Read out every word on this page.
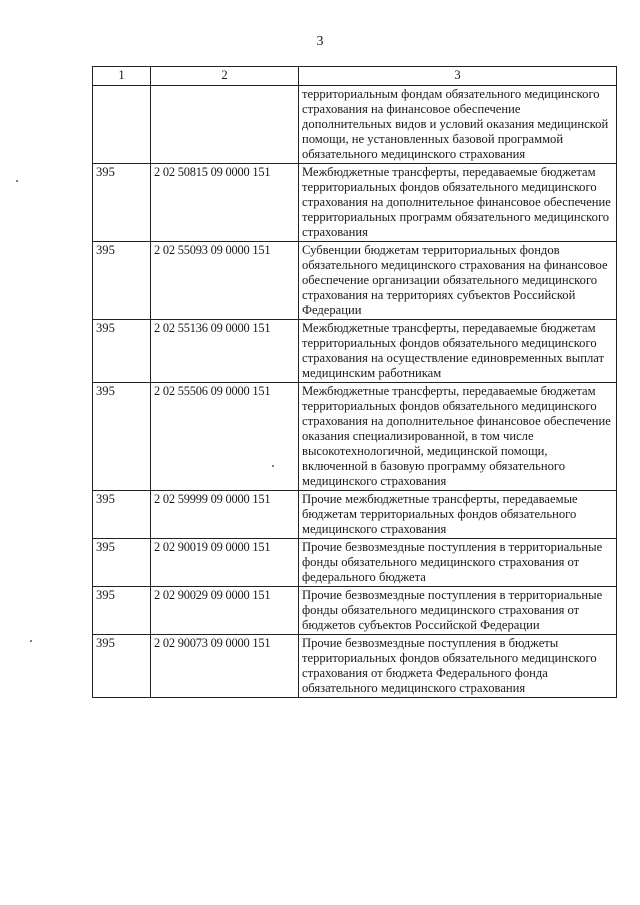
3
1	2	3
		территориальным фондам обязательного медицинского страхования на финансовое обеспечение дополнительных видов и условий оказания медицинской помощи, не установленных базовой программой обязательного медицинского страхования
395	2 02 50815 09 0000 151	Межбюджетные трансферты, передаваемые бюджетам территориальных фондов обязательного медицинского страхования на дополнительное финансовое обеспечение территориальных программ обязательного медицинского страхования
395	2 02 55093 09 0000 151	Субвенции бюджетам территориальных фондов обязательного медицинского страхования на финансовое обеспечение организации обязательного медицинского страхования на территориях субъектов Российской Федерации
395	2 02 55136 09 0000 151	Межбюджетные трансферты, передаваемые бюджетам территориальных фондов обязательного медицинского страхования на осуществление единовременных выплат медицинским работникам
395	2 02 55506 09 0000 151	Межбюджетные трансферты, передаваемые бюджетам территориальных фондов обязательного медицинского страхования на дополнительное финансовое обеспечение оказания специализированной, в том числе высокотехнологичной, медицинской помощи, включенной в базовую программу обязательного медицинского страхования
395	2 02 59999 09 0000 151	Прочие межбюджетные трансферты, передаваемые бюджетам территориальных фондов обязательного медицинского страхования
395	2 02 90019 09 0000 151	Прочие безвозмездные поступления в территориальные фонды обязательного медицинского страхования от федерального бюджета
395	2 02 90029 09 0000 151	Прочие безвозмездные поступления в территориальные фонды обязательного медицинского страхования от бюджетов субъектов Российской Федерации
395	2 02 90073 09 0000 151	Прочие безвозмездные поступления в бюджеты территориальных фондов обязательного медицинского страхования от бюджета Федерального фонда обязательного медицинского страхования
